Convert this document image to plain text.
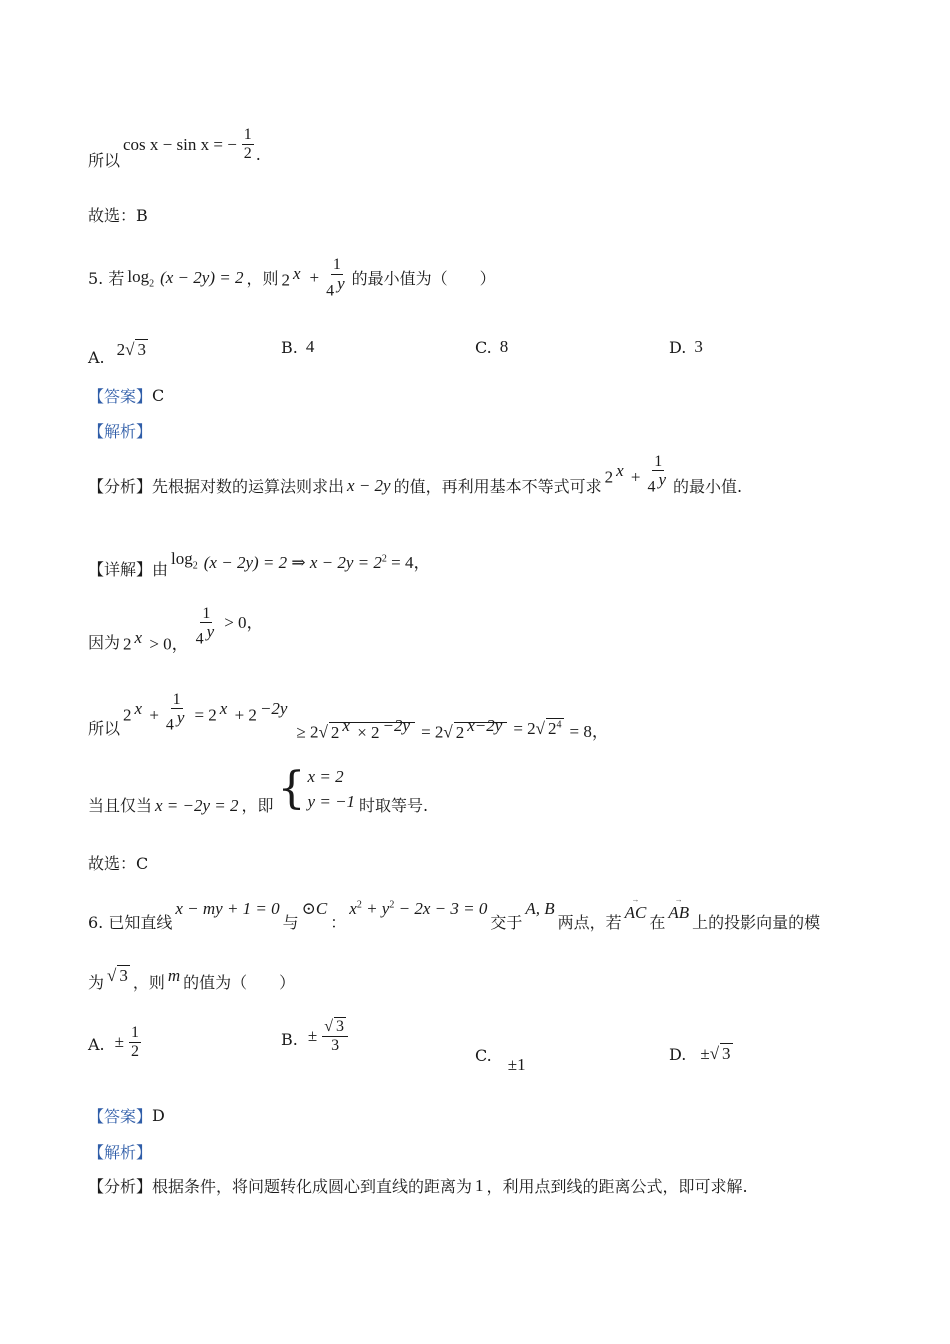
所以
cos x − sin x = − $\frac{1}{2}$ .
故选：B
5. 若 $\log_2 (x - 2y) = 2$ ，则 2 $^x + \frac{1}{4 ^y}$ 的最小值为（　　）
A. 2√ 3	B. 4	C. 8	D. 3
【答案】 C
【解析】
【分析】 先根据对数的运算法则求出 x − 2y 的值，再利用基本不等式可求 2 $^x + \frac{1}{4 ^y}$ 的最小值.
【详解】 由
$\log_2 (x - 2y) = 2$ ⇒ $x - 2y = 2^2 = 4$，
因为 2 $^x$ > 0， $\frac{1}{4 ^y} > 0$，
所以
2 $^x + \frac{1}{4 ^y} = 2$ $^x$ + 2 $^{-2y}$
≥ 2√ 2 $^x$ × 2 $^{-2y}$ = 2√ 2 $^{x-2y}$ = 2√ $2^4 = 8$，
当且仅当 x = −2y = 2 ，即 { x = 2
y = −1 时取等号.
故选：C
6. 已知直线
x − my + 1 = 0
与
⊙C
：
$x^2 + y^2 - 2x - 3 = 0$
交于
A, B
两点，若
→
AC
在
→
AB
上的投影向量的模
为 √ 3 ，则 m 的值为（　　）
A. ± $\frac{1}{2}$	B. ± $\frac{√ 3}{3}$
C. ±1
D. ±√ 3
【答案】 D
【解析】
【分析】 根据条件，将问题转化成圆心到直线的距离为 1 ，利用点到线的距离公式，即可求解.
